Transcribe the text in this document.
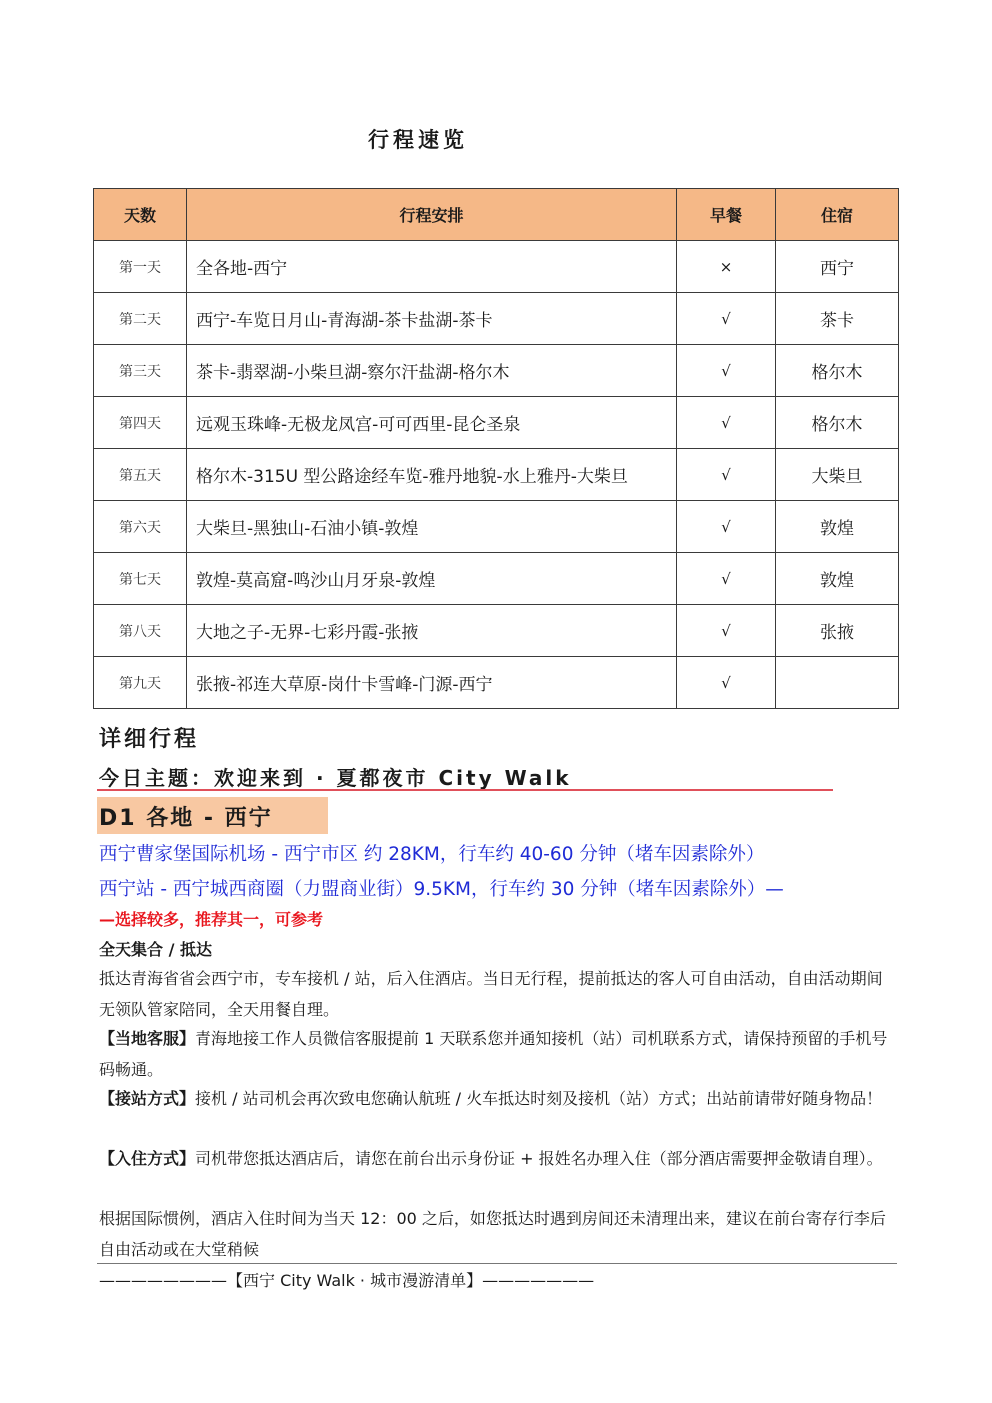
行程速览
天数	行程安排	早餐	住宿
第一天	全各地-西宁	×	西宁
第二天	西宁-车览日月山-青海湖-茶卡盐湖-茶卡	√	茶卡
第三天	茶卡-翡翠湖-小柴旦湖-察尔汗盐湖-格尔木	√	格尔木
第四天	远观玉珠峰-无极龙凤宫-可可西里-昆仑圣泉	√	格尔木
第五天	格尔木-315U 型公路途经车览-雅丹地貌-水上雅丹-大柴旦	√	大柴旦
第六天	大柴旦-黑独山-石油小镇-敦煌	√	敦煌
第七天	敦煌-莫高窟-鸣沙山月牙泉-敦煌	√	敦煌
第八天	大地之子-无界-七彩丹霞-张掖	√	张掖
第九天	张掖-祁连大草原-岗什卡雪峰-门源-西宁	√	
详细行程
今日主题：欢迎来到 · 夏都夜市 City Walk
D1 各地 - 西宁
西宁曹家堡国际机场 - 西宁市区 约 28KM，行车约 40-60 分钟（堵车因素除外）
西宁站 - 西宁城西商圈（力盟商业街）9.5KM，行车约 30 分钟（堵车因素除外）—
—选择较多，推荐其一，可参考
全天集合 / 抵达
抵达青海省省会西宁市，专车接机 / 站，后入住酒店。当日无行程，提前抵达的客人可自由活动，自由活动期间无领队管家陪同，全天用餐自理。
【当地客服】青海地接工作人员微信客服提前 1 天联系您并通知接机（站）司机联系方式，请保持预留的手机号码畅通。
【接站方式】接机 / 站司机会再次致电您确认航班 / 火车抵达时刻及接机（站）方式；出站前请带好随身物品！
【入住方式】司机带您抵达酒店后，请您在前台出示身份证 + 报姓名办理入住（部分酒店需要押金敬请自理）。
根据国际惯例，酒店入住时间为当天 12：00 之后，如您抵达时遇到房间还未清理出来，建议在前台寄存行李后自由活动或在大堂稍候
————————【西宁 City Walk · 城市漫游清单】———————
